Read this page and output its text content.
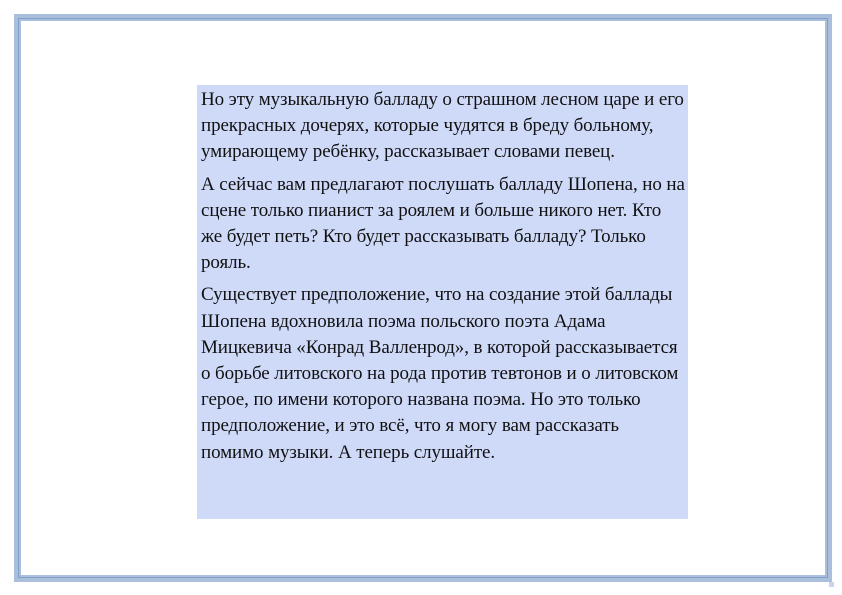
Но эту музыкальную балладу о страшном лесном царе и его прекрасных дочерях, которые чудятся в бреду больному, умирающему ребёнку, рассказывает словами певец.

А сейчас вам предлагают послушать балладу Шопена, но на сцене только пианист за роялем и больше никого нет. Кто же будет петь? Кто будет рассказывать балладу? Только рояль.

Существует предположение, что на создание этой баллады Шопена вдохновила поэма польского поэта Адама Мицкевича «Конрад Валленрод», в которой рассказывается о борьбе литовского на рода против тевтонов и о литовском герое, по имени которого названа поэма. Но это только предположение, и это всё, что я могу вам рассказать помимо музыки. А теперь слушайте.
